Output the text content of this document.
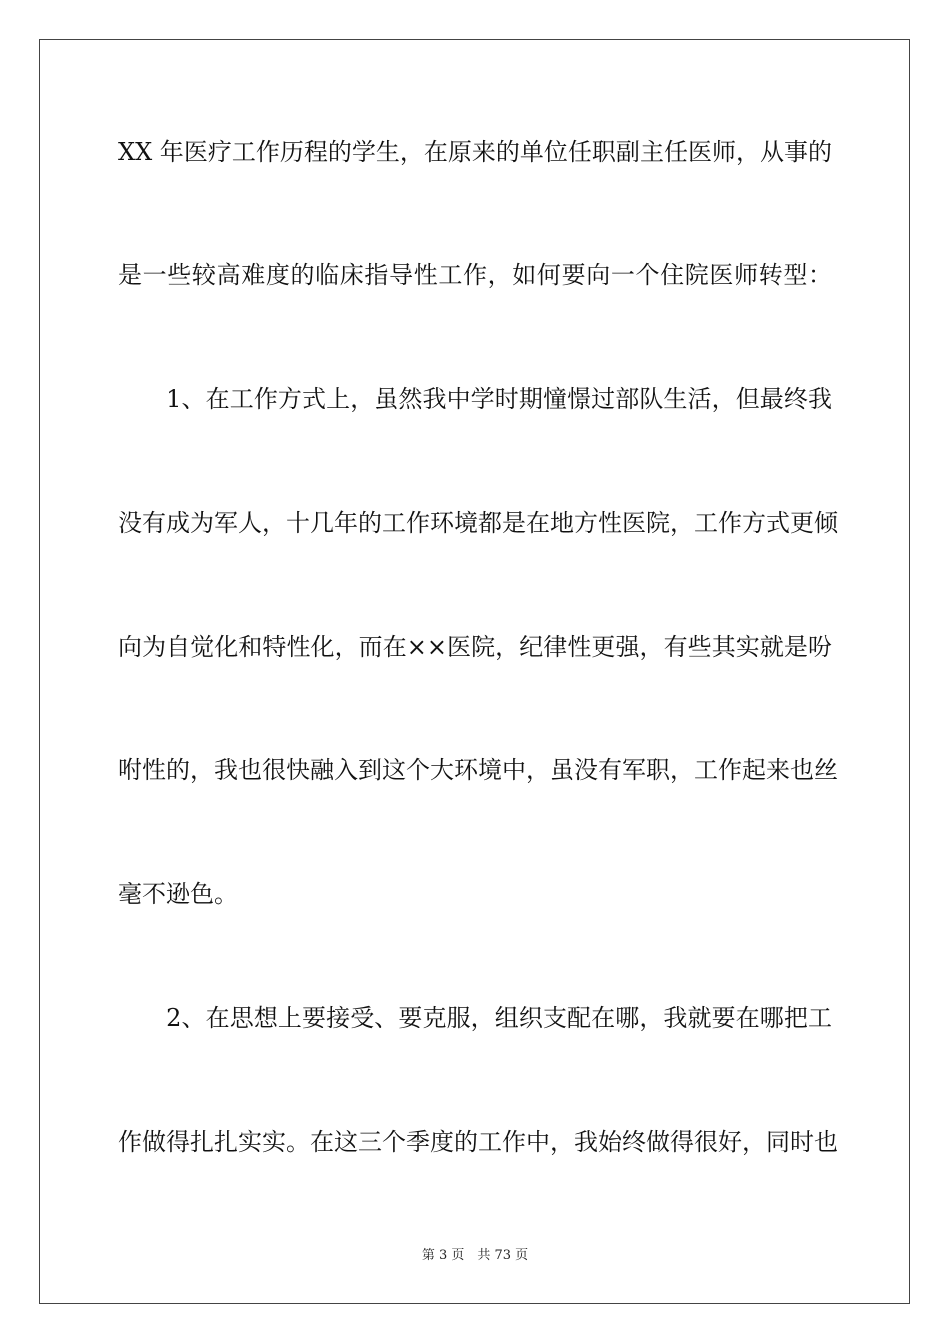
XX 年医疗工作历程的学生，在原来的单位任职副主任医师，从事的
是一些较高难度的临床指导性工作，如何要向一个住院医师转型：
　　1、在工作方式上，虽然我中学时期憧憬过部队生活，但最终我
没有成为军人，十几年的工作环境都是在地方性医院，工作方式更倾
向为自觉化和特性化，而在××医院，纪律性更强，有些其实就是吩
咐性的，我也很快融入到这个大环境中，虽没有军职，工作起来也丝
毫不逊色。
　　2、在思想上要接受、要克服，组织支配在哪，我就要在哪把工
作做得扎扎实实。在这三个季度的工作中，我始终做得很好，同时也
第 3 页　共 73 页
